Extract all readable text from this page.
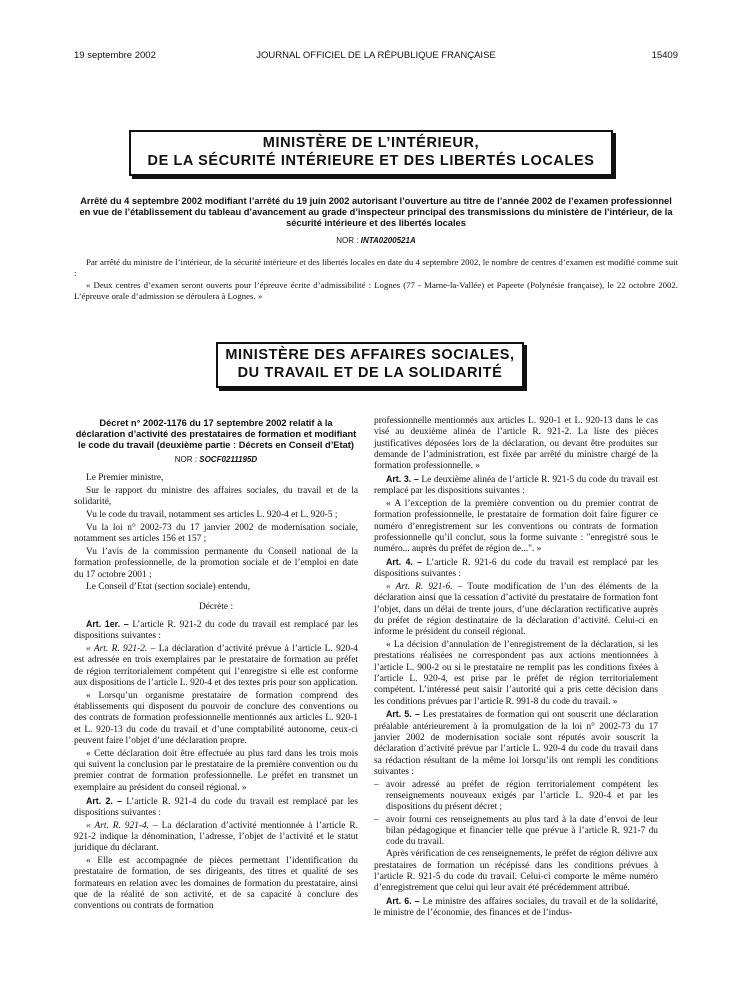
19 septembre 2002	JOURNAL OFFICIEL DE LA RÉPUBLIQUE FRANÇAISE	15409
MINISTÈRE DE L’INTÉRIEUR,
DE LA SÉCURITÉ INTÉRIEURE ET DES LIBERTÉS LOCALES
Arrêté du 4 septembre 2002 modifiant l’arrêté du 19 juin 2002 autorisant l’ouverture au titre de l’année 2002 de l’examen professionnel en vue de l’établissement du tableau d’avancement au grade d’inspecteur principal des transmissions du ministère de l’intérieur, de la sécurité intérieure et des libertés locales
NOR : INTA0200521A

Par arrêté du ministre de l’intérieur, de la sécurité intérieure et des libertés locales en date du 4 septembre 2002, le nombre de centres d’examen est modifié comme suit :

« Deux centres d’examen seront ouverts pour l’épreuve écrite d’admissibilité : Lognes (77 - Marne-la-Vallée) et Papeete (Polynésie française), le 22 octobre 2002. L’épreuve orale d’admission se déroulera à Lognes. »

MINISTÈRE DES AFFAIRES SOCIALES,
DU TRAVAIL ET DE LA SOLIDARITÉ
Décret n° 2002-1176 du 17 septembre 2002 relatif à la déclaration d’activité des prestataires de formation et modifiant le code du travail (deuxième partie : Décrets en Conseil d’Etat)
NOR : SOCF0211195D

Le Premier ministre,

Sur le rapport du ministre des affaires sociales, du travail et de la solidarité,

Vu le code du travail, notamment ses articles L. 920-4 et L. 920-5 ;

Vu la loi n° 2002-73 du 17 janvier 2002 de modernisation sociale, notamment ses articles 156 et 157 ;

Vu l’avis de la commission permanente du Conseil national de la formation professionnelle, de la promotion sociale et de l’emploi en date du 17 octobre 2001 ;

Le Conseil d’Etat (section sociale) entendu,

Décrète :

Art. 1er. – L’article R. 921-2 du code du travail est remplacé par les dispositions suivantes :

« Art. R. 921-2. – La déclaration d’activité prévue à l’article L. 920-4 est adressée en trois exemplaires par le prestataire de formation au préfet de région territorialement compétent qui l’enregistre si elle est conforme aux dispositions de l’article L. 920-4 et des textes pris pour son application.

« Lorsqu’un organisme prestataire de formation comprend des établissements qui disposent du pouvoir de conclure des conventions ou des contrats de formation professionnelle mentionnés aux articles L. 920-1 et L. 920-13 du code du travail et d’une comptabilité autonome, ceux-ci peuvent faire l’objet d’une déclaration propre.

« Cette déclaration doit être effectuée au plus tard dans les trois mois qui suivent la conclusion par le prestataire de la première convention ou du premier contrat de formation professionnelle. Le préfet en transmet un exemplaire au président du conseil régional. »

Art. 2. – L’article R. 921-4 du code du travail est remplacé par les dispositions suivantes :

« Art. R. 921-4. – La déclaration d’activité mentionnée à l’article R. 921-2 indique la dénomination, l’adresse, l’objet de l’activité et le statut juridique du déclarant.

« Elle est accompagnée de pièces permettant l’identification du prestataire de formation, de ses dirigeants, des titres et qualité de ses formateurs en relation avec les domaines de formation du prestataire, ainsi que de la réalité de son activité, et de sa capacité à conclure des conventions ou contrats de formation

professionnelle mentionnés aux articles L. 920-1 et L. 920-13 dans le cas visé au deuxième alinéa de l’article R. 921-2. La liste des pièces justificatives déposées lors de la déclaration, ou devant être produites sur demande de l’administration, est fixée par arrêté du ministre chargé de la formation professionnelle. »

Art. 3. – Le deuxième alinéa de l’article R. 921-5 du code du travail est remplacé par les dispositions suivantes :

« A l’exception de la première convention ou du premier contrat de formation professionnelle, le prestataire de formation doit faire figurer ce numéro d’enregistrement sur les conventions ou contrats de formation professionnelle qu’il conclut, sous la forme suivante : "enregistré sous le numéro... auprès du préfet de région de...". »

Art. 4. – L’article R. 921-6 du code du travail est remplacé par les dispositions suivantes :

« Art. R. 921-6. – Toute modification de l’un des éléments de la déclaration ainsi que la cessation d’activité du prestataire de formation font l’objet, dans un délai de trente jours, d’une déclaration rectificative auprès du préfet de région destinataire de la déclaration d’activité. Celui-ci en informe le président du conseil régional.

« La décision d’annulation de l’enregistrement de la déclaration, si les prestations réalisées ne correspondent pas aux actions mentionnées à l’article L. 900-2 ou si le prestataire ne remplit pas les conditions fixées à l’article L. 920-4, est prise par le préfet de région territorialement compétent. L’intéressé peut saisir l’autorité qui a pris cette décision dans les conditions prévues par l’article R. 991-8 du code du travail. »

Art. 5. – Les prestataires de formation qui ont souscrit une déclaration préalable antérieurement à la promulgation de la loi n° 2002-73 du 17 janvier 2002 de modernisation sociale sont réputés avoir souscrit la déclaration d’activité prévue par l’article L. 920-4 du code du travail dans sa rédaction résultant de la même loi lorsqu’ils ont rempli les conditions suivantes :

– avoir adressé au préfet de région territorialement compétent les renseignements nouveaux exigés par l’article L. 920-4 et par les dispositions du présent décret ;
– avoir fourni ces renseignements au plus tard à la date d’envoi de leur bilan pédagogique et financier telle que prévue à l’article R. 921-7 du code du travail.

Après vérification de ces renseignements, le préfet de région délivre aux prestataires de formation un récépissé dans les conditions prévues à l’article R. 921-5 du code du travail. Celui-ci comporte le même numéro d’enregistrement que celui qui leur avait été précédemment attribué.

Art. 6. – Le ministre des affaires sociales, du travail et de la solidarité, le ministre de l’économie, des finances et de l’indus-
